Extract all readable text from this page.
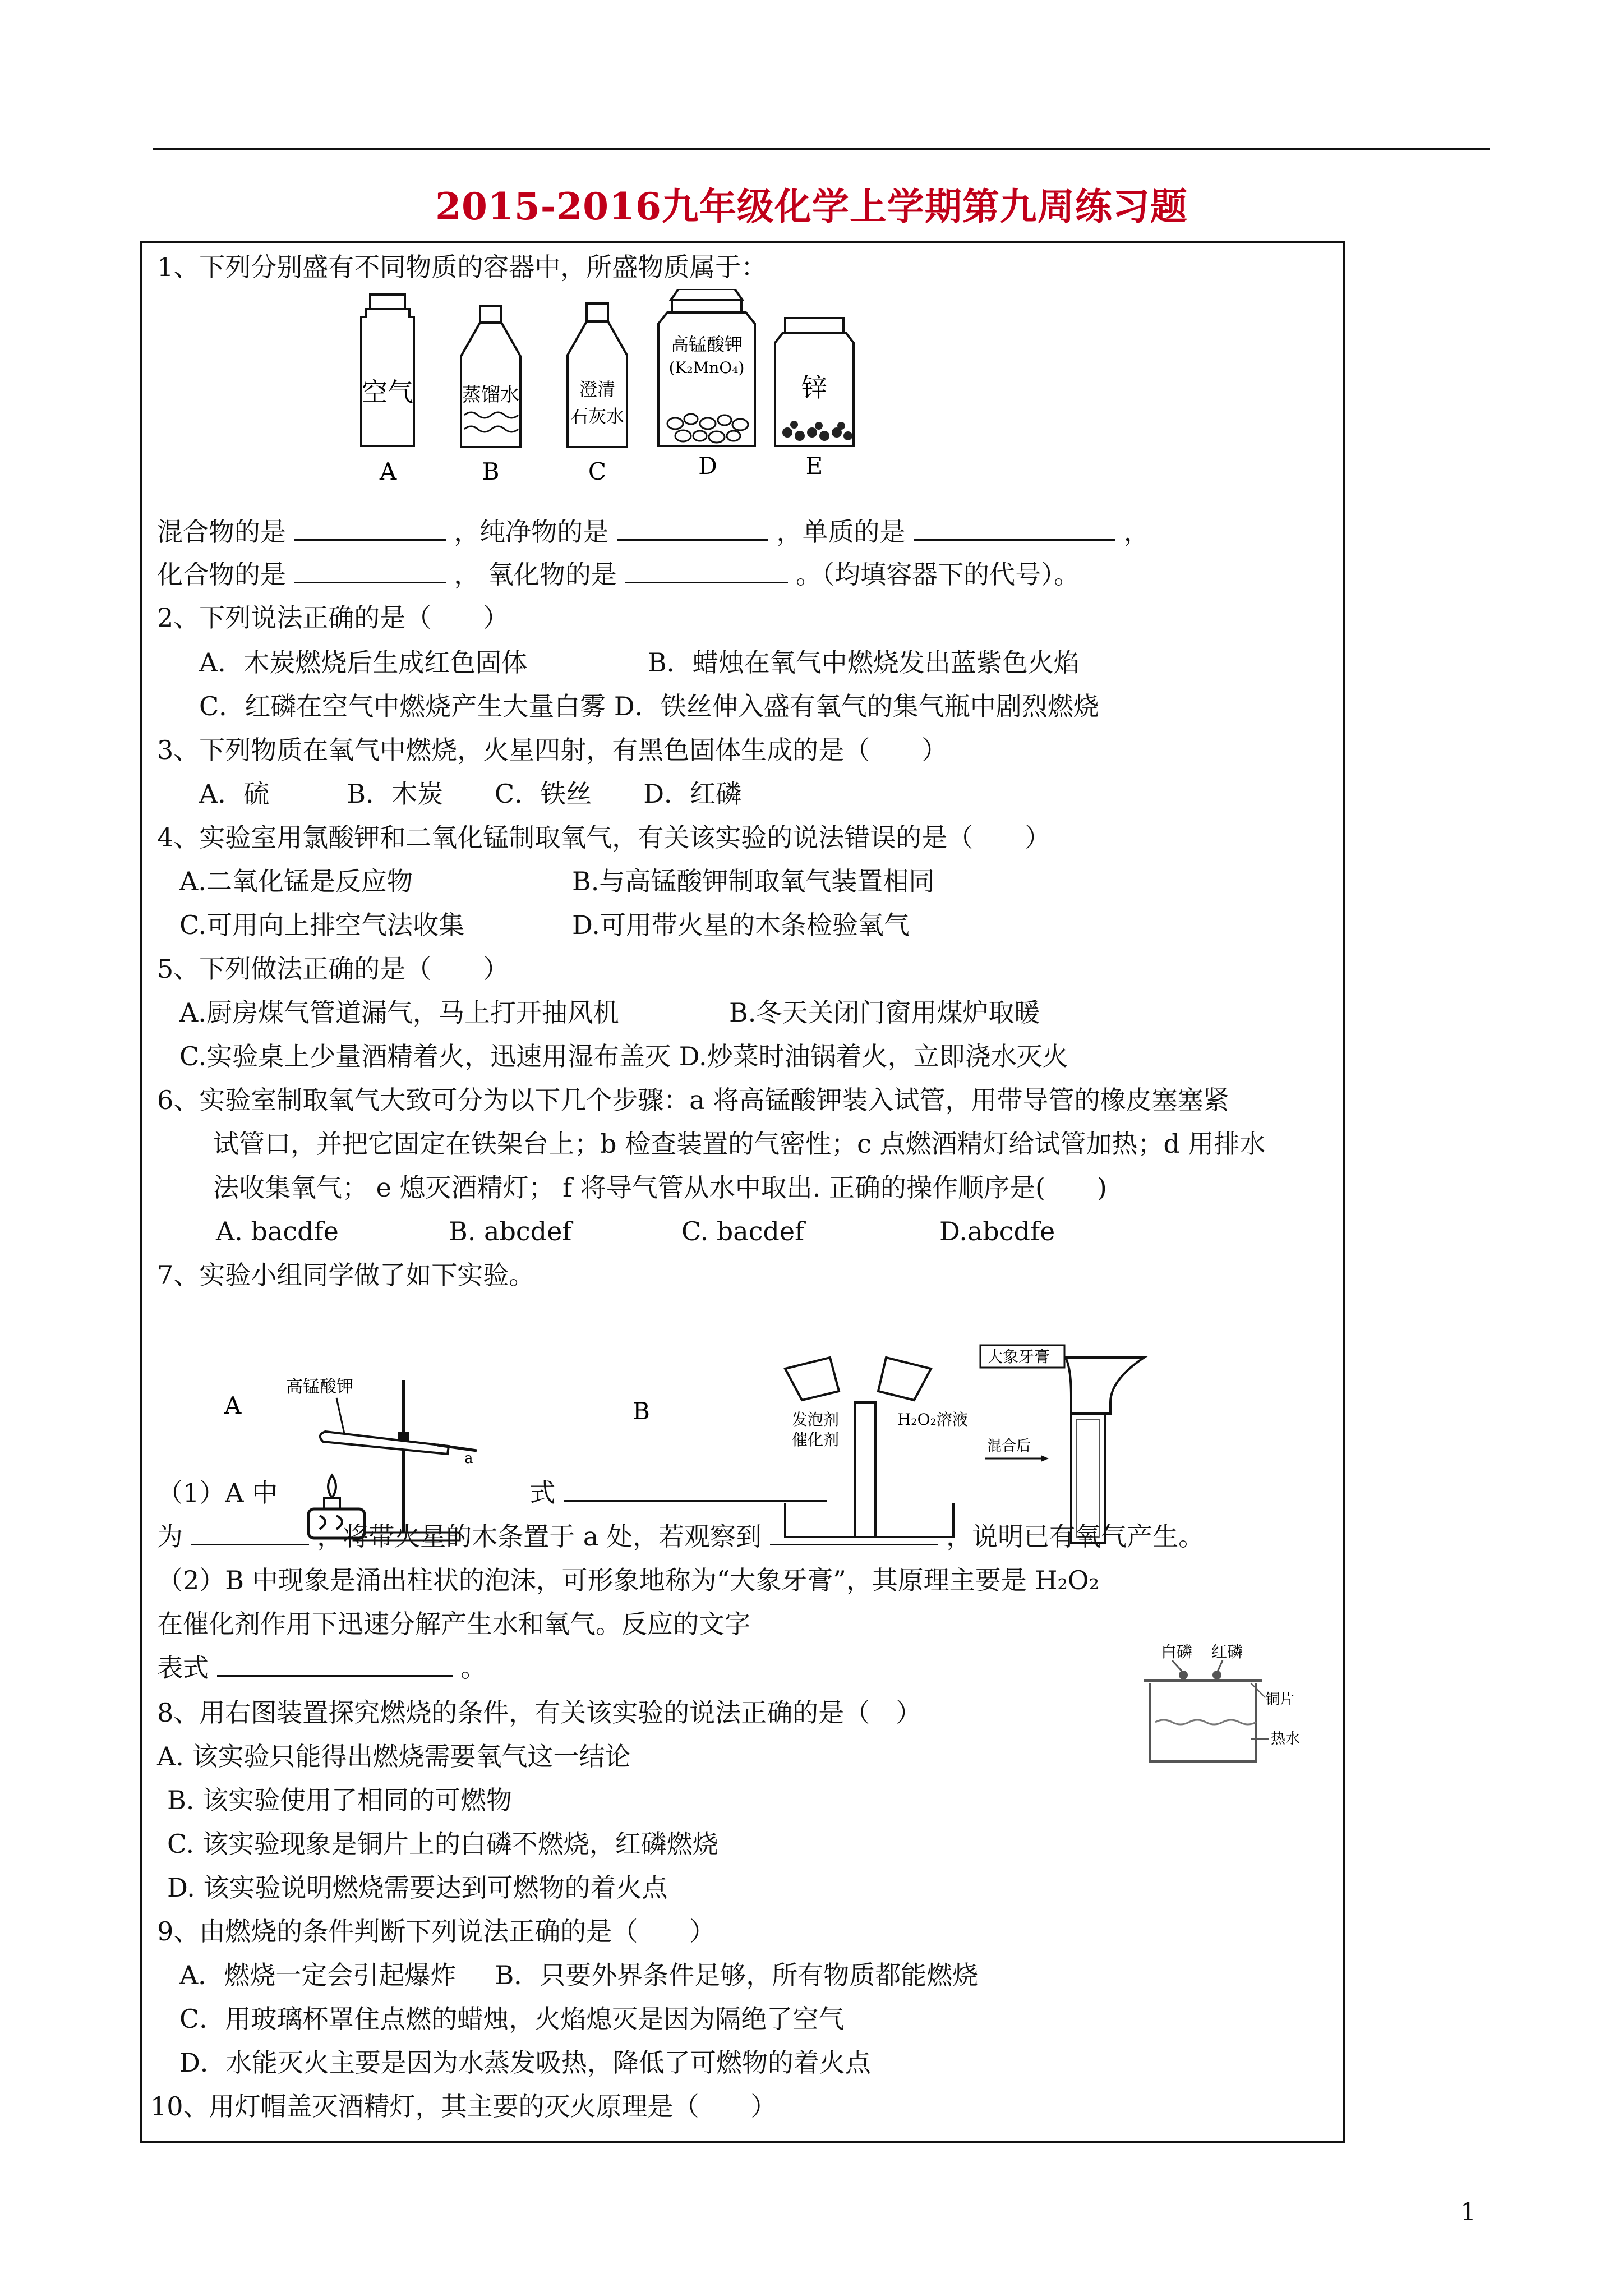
2015-2016九年级化学上学期第九周练习题
1、下列分别盛有不同物质的容器中，所盛物质属于：
空气
A
蒸馏水
B
澄清
石灰水
C
高锰酸钾
(K₂MnO₄)
D
锌
E
混合物的是	，纯净物的是	，单质的是	，
化合物的是	， 氧化物的是	。（均填容器下的代号）。
2、下列说法正确的是（　　）
A．木炭燃烧后生成红色固体	B．蜡烛在氧气中燃烧发出蓝紫色火焰
C．红磷在空气中燃烧产生大量白雾 D．铁丝伸入盛有氧气的集气瓶中剧烈燃烧
3、下列物质在氧气中燃烧，火星四射，有黑色固体生成的是（　　）
A．硫　　　B．木炭　　C．铁丝　　D．红磷
4、实验室用氯酸钾和二氧化锰制取氧气，有关该实验的说法错误的是（　　）
A.二氧化锰是反应物	B.与高锰酸钾制取氧气装置相同
C.可用向上排空气法收集	D.可用带火星的木条检验氧气
5、下列做法正确的是（　　）
A.厨房煤气管道漏气，马上打开抽风机	B.冬天关闭门窗用煤炉取暖
C.实验桌上少量酒精着火，迅速用湿布盖灭 D.炒菜时油锅着火，立即浇水灭火
6、实验室制取氧气大致可分为以下几个步骤：a 将高锰酸钾装入试管，用带导管的橡皮塞塞紧
试管口，并把它固定在铁架台上；b 检查装置的气密性；c 点燃酒精灯给试管加热；d 用排水
法收集氧气； e 熄灭酒精灯； f 将导气管从水中取出. 正确的操作顺序是(　　)
A. bacdfe	B. abcdef	C. bacdef	D.abcdfe
7、实验小组同学做了如下实验。
A
高锰酸钾
a
B	发泡剂
催化剂
H₂O₂溶液
混合后
大象牙膏
（1）A 中	式
为	，将带火星的木条置于 a 处，若观察到	，说明已有氧气产生。
（2）B 中现象是涌出柱状的泡沫，可形象地称为“大象牙膏”，其原理主要是 H₂O₂
在催化剂作用下迅速分解产生水和氧气。反应的文字
表式	。
白磷 红磷
铜片
热水
8、用右图装置探究燃烧的条件，有关该实验的说法正确的是（　）
A. 该实验只能得出燃烧需要氧气这一结论
B. 该实验使用了相同的可燃物
C. 该实验现象是铜片上的白磷不燃烧，红磷燃烧
D. 该实验说明燃烧需要达到可燃物的着火点
9、由燃烧的条件判断下列说法正确的是（　　）
A．燃烧一定会引起爆炸 B．只要外界条件足够，所有物质都能燃烧
C．用玻璃杯罩住点燃的蜡烛，火焰熄灭是因为隔绝了空气
D．水能灭火主要是因为水蒸发吸热，降低了可燃物的着火点
10、用灯帽盖灭酒精灯，其主要的灭火原理是（　　）
1
